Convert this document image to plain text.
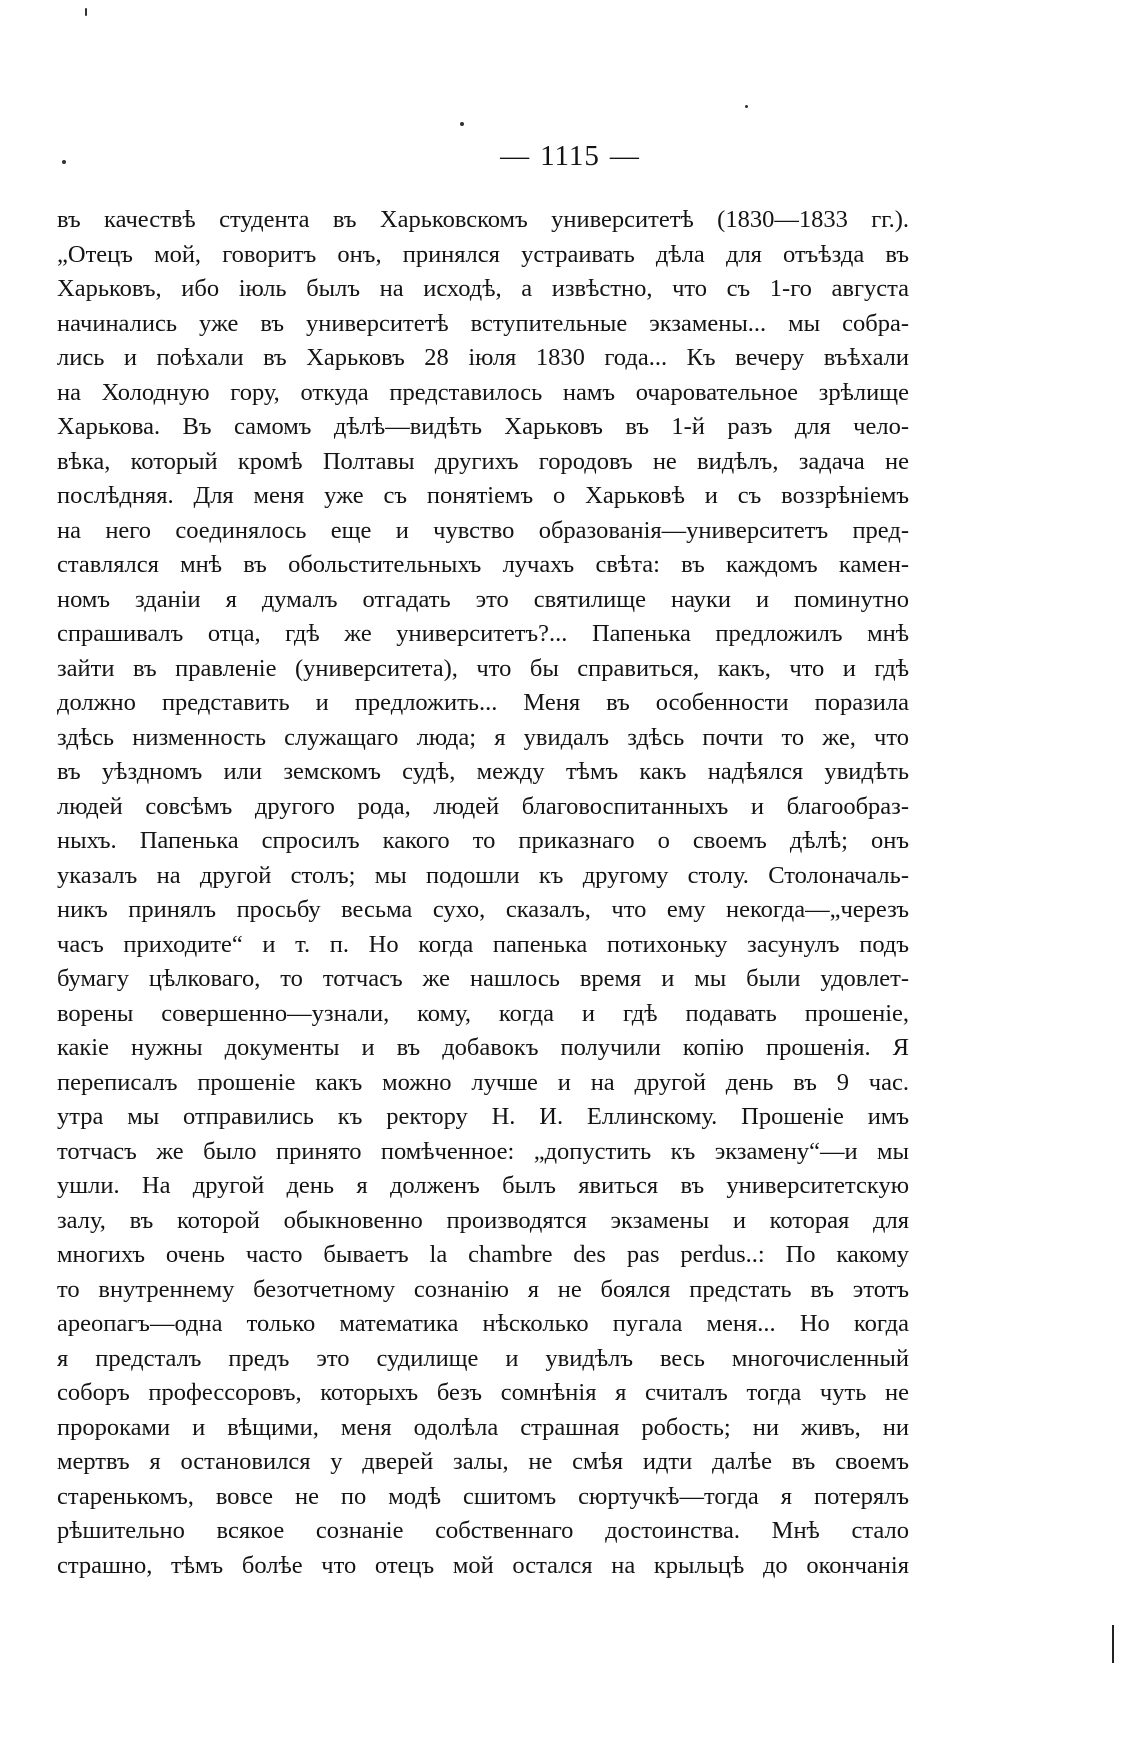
— 1115 —
въ качествѣ студента въ Харьковскомъ университетѣ (1830—1833 гг.).
„Отецъ мой, говоритъ онъ, принялся устраивать дѣла для отъѣзда въ
Харьковъ, ибо іюль былъ на исходѣ, а извѣстно, что съ 1-го августа
начинались уже въ университетѣ вступительные экзамены... мы собра-
лись и поѣхали въ Харьковъ 28 іюля 1830 года... Къ вечеру въѣхали
на Холодную гору, откуда представилось намъ очаровательное зрѣлище
Харькова. Въ самомъ дѣлѣ—видѣть Харьковъ въ 1-й разъ для чело-
вѣка, который кромѣ Полтавы другихъ городовъ не видѣлъ, задача не
послѣдняя. Для меня уже съ понятіемъ о Харьковѣ и съ воззрѣніемъ
на него соединялось еще и чувство образованія—университетъ пред-
ставлялся мнѣ въ обольстительныхъ лучахъ свѣта: въ каждомъ камен-
номъ зданіи я думалъ отгадать это святилище науки и поминутно
спрашивалъ отца, гдѣ же университетъ?... Папенька предложилъ мнѣ
зайти въ правленіе (университета), что бы справиться, какъ, что и гдѣ
должно представить и предложить... Меня въ особенности поразила
здѣсь низменность служащаго люда; я увидалъ здѣсь почти то же, что
въ уѣздномъ или земскомъ судѣ, между тѣмъ какъ надѣялся увидѣть
людей совсѣмъ другого рода, людей благовоспитанныхъ и благообраз-
ныхъ. Папенька спросилъ какого то приказнаго о своемъ дѣлѣ; онъ
указалъ на другой столъ; мы подошли къ другому столу. Столоначаль-
никъ принялъ просьбу весьма сухо, сказалъ, что ему некогда—„черезъ
часъ приходите“ и т. п. Но когда папенька потихоньку засунулъ подъ
бумагу цѣлковаго, то тотчасъ же нашлось время и мы были удовлет-
ворены совершенно—узнали, кому, когда и гдѣ подавать прошеніе,
какіе нужны документы и въ добавокъ получили копію прошенія. Я
переписалъ прошеніе какъ можно лучше и на другой день въ 9 час.
утра мы отправились къ ректору Н. И. Еллинскому. Прошеніе имъ
тотчасъ же было принято помѣченное: „допустить къ экзамену“—и мы
ушли. На другой день я долженъ былъ явиться въ университетскую
залу, въ которой обыкновенно производятся экзамены и которая для
многихъ очень часто бываетъ la chambre des pas perdus..: По какому
то внутреннему безотчетному сознанію я не боялся предстать въ этотъ
ареопагъ—одна только математика нѣсколько пугала меня... Но когда
я предсталъ предъ это судилище и увидѣлъ весь многочисленный
соборъ профессоровъ, которыхъ безъ сомнѣнія я считалъ тогда чуть не
пророками и вѣщими, меня одолѣла страшная робость; ни живъ, ни
мертвъ я остановился у дверей залы, не смѣя идти далѣе въ своемъ
старенькомъ, вовсе не по модѣ сшитомъ сюртучкѣ—тогда я потерялъ
рѣшительно всякое сознаніе собственнаго достоинства. Мнѣ стало
страшно, тѣмъ болѣе что отецъ мой остался на крыльцѣ до окончанія
